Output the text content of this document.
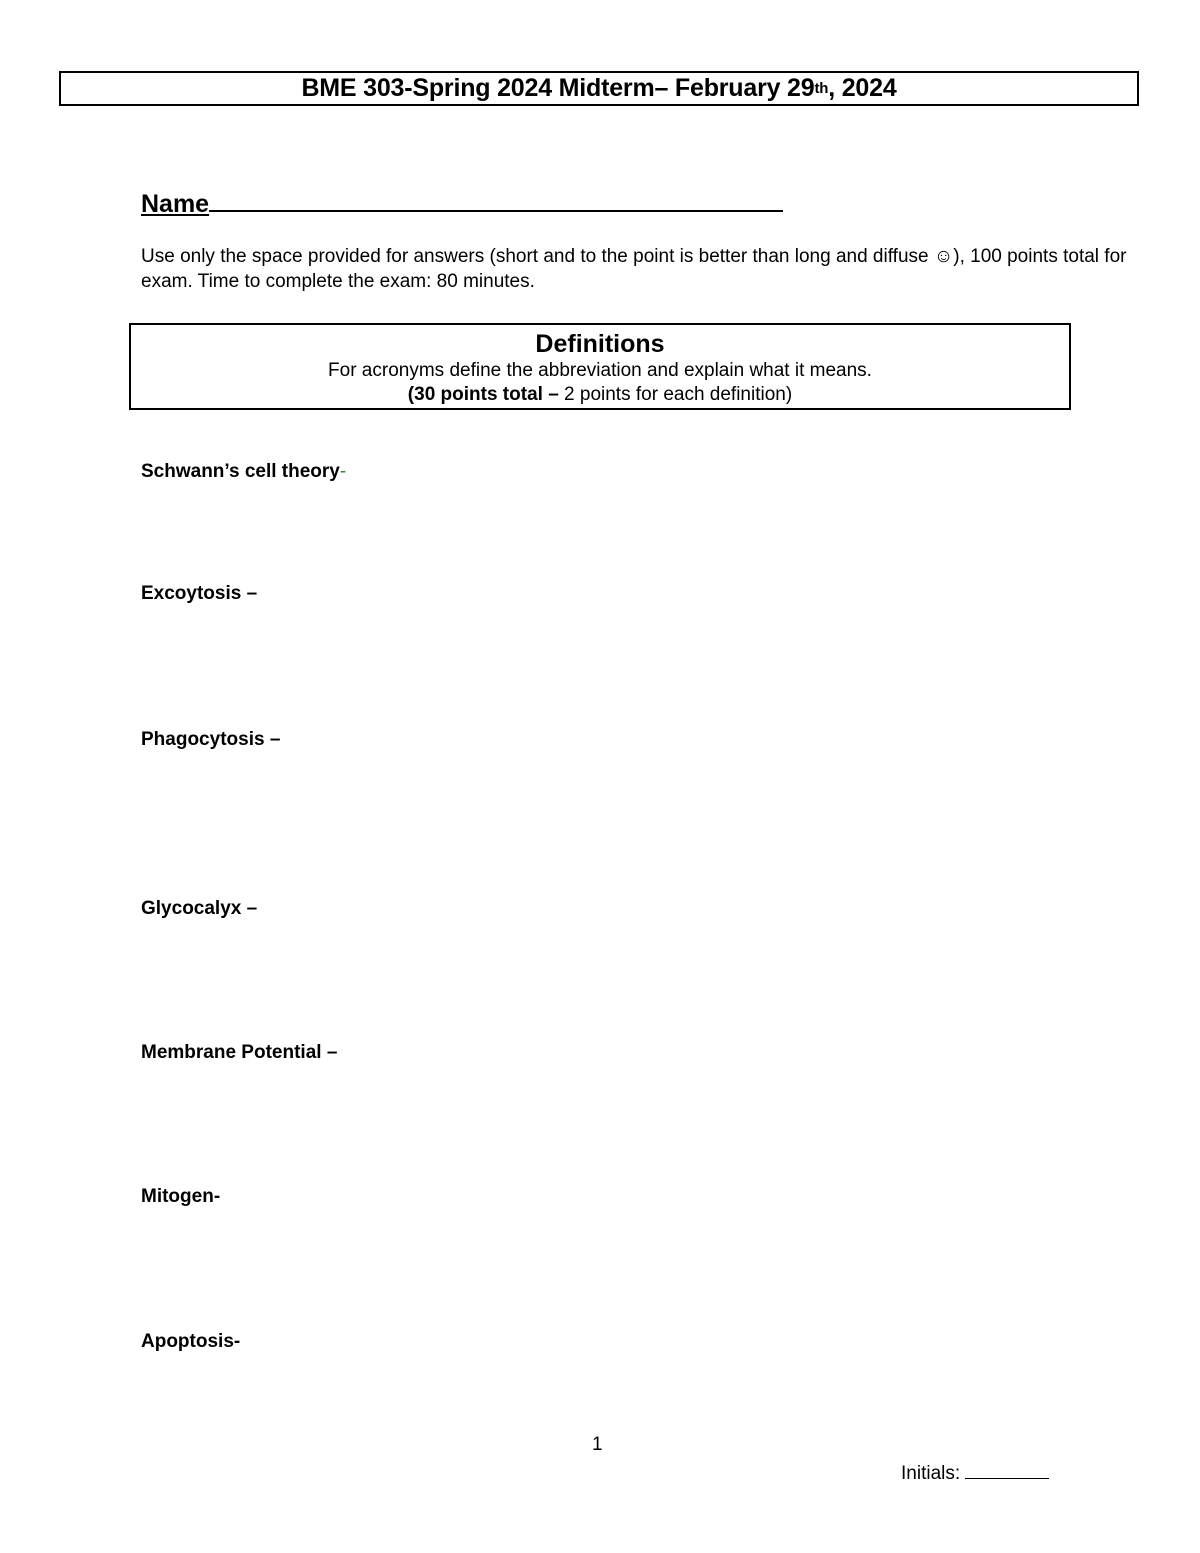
BME 303-Spring 2024 Midterm– February 29 th , 2024
Name
Use only the space provided for answers (short and to the point is better than long and diffuse ☺), 100 points total for exam. Time to complete the exam: 80 minutes.
Definitions
For acronyms define the abbreviation and explain what it means.
(30 points total – 2 points for each definition)
Schwann’s cell theory-
Excoytosis –
Phagocytosis –
Glycocalyx –
Membrane Potential –
Mitogen-
Apoptosis-
1
Initials:
